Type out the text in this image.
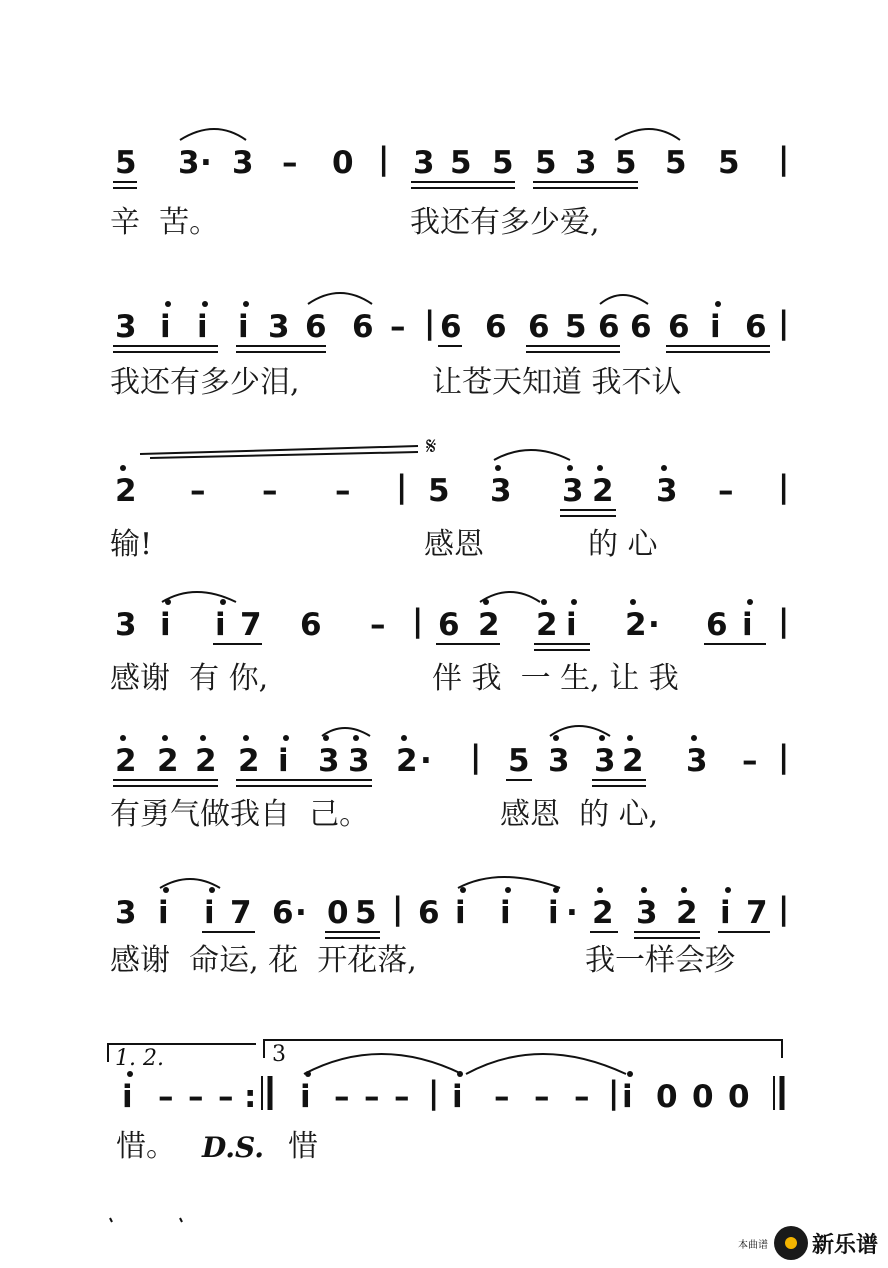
5 3 · 3 – 0 | 3 5 5 5 3 5 5 5 |
辛  苦。	我还有多少爱,
3 i i i 3 6 6 – | 6 6 6 5 6 6 6 i 6 |
我还有多少泪,	让苍天知道 我不认
2 – – – | 5 3 3 2 3 – |
𝄋
输!	感恩	的 心
3 i i 7 6 – | 6 2 2 i 2 · 6 i |
感谢  有 你,	伴 我  一 生, 让 我
2 2 2 2 i 3 3 2 · | 5 3 3 2 3 – |
有勇气做我自  己。	感恩  的 心,
3 i i 7 6 · 0 5 | 6 i i i · 2 3 2 i 7 |
感谢  命运, 花  开花落,	我一样会珍
1. 2.	3
i – – – : i – – – | i – – – | i 0 0 0
惜。 D.S. 惜
本曲谱 新乐谱
